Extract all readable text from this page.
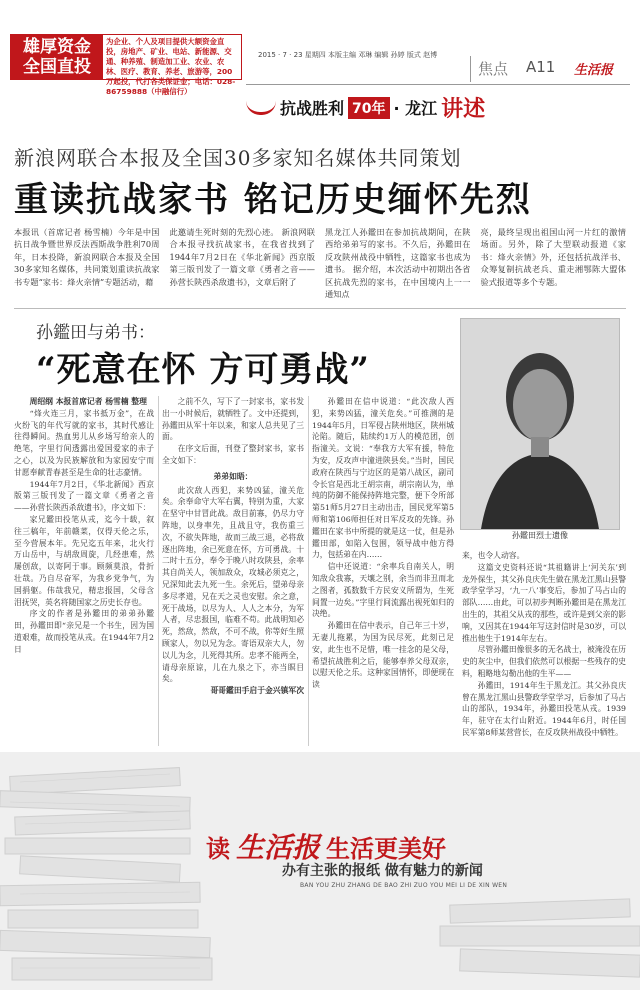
雄厚资金
全国直投
为企业、个人及项目提供大额资金直投，房地产、矿业、电站、新能源、交通、种养殖、制造加工业、农业、农林、医疗、教育、养老、旅游等，200万起投，代打各类保证金；电话：028-86759888（中融信行）
2015 · 7 · 23 星期四 本版主编 邓琳 编辑 孙婷 版式 赵博
焦点 A11 生活报
抗战胜利 70年 · 龙江 讲述
新浪网联合本报及全国30多家知名媒体共同策划
重读抗战家书 铭记历史缅怀先烈
本报讯（首席记者 杨雪楠）今年是中国抗日战争暨世界反法西斯战争胜利70周年，日本投降，新浪网联合本报及全国30多家知名媒体，共同策划重读抗战家书专题“家书：烽火亲情”专题活动，藉
此邀请生死时刻的先烈心迹。 新浪网联合本报寻找抗战家书，在我省找到了1944年7月2日在《华北新闻》西京版第三版刊发了一篇文章《勇者之音——孙营长陕西杀敌遗书》，文章后附了
黑龙江人孙鑑田在参加抗战期间，在陕西给弟弟写的家书。不久后，孙鑑田在反攻陕州战役中牺牲，这篇家书也成为遗书。 据介绍，本次活动中初期出各省区抗战先烈的家书，在中国境内上一一通知点
亮，最终呈现出祖国山河一片红的激情场面。另外，除了大型联动报道《家书：烽火亲情》外，还包括抗战洋书、众筹复制抗战老兵、重走湘鄂陈大盟体验式报道等多个专题。
孙鑑田与弟书：
“死意在怀 方可勇战”

周绍纲 本报首席记者 杨雪楠 整理

“烽火连三月，家书抵万金”，在战火纷飞的年代写就的家书，其时代感让往得瞬间。热血男儿从乡场写给亲人的绝笔，字里行间透露出爱国爱家的赤子之心，以及为民族解放和为家园安宁而甘愿奉献青春甚至是生命的壮志豪情。

1944年7月2日，《华北新闻》西京版第三版刊发了一篇文章《勇者之音——孙营长陕西杀敌遗书》，序文如下：

家兄鑑田投笔从戎，迄今十载，叙往三稿年，年前赣菜，仅得天伦之乐，至今营展本年。先兄迄五年来，北火行万山岳中，与胡敌周旋，几经患难，然屡创敌，以寄阿于事。顾频莫浪，骨折壮哉。乃自尽奋军，为我乡党争气，为国捐躯。伟哉我兄，精忠报国，父母含泪抚哭，英名将随国家之历史长存也。

序文的作者是孙鑑田的弟弟孙鑑田，孙鑑田即“亲兄是一个书生，因为国道艰难，故而投笔从戎。在1944年7月2日

之前不久，写下了一封家书，家书发出一小时候后，就牺牲了。文中还提到，孙鑑田从军十年以来，和家人总共见了三面。

在序文后面，刊登了整封家书，家书全文如下：

弟弟如晤：

此次敌人西犯，来势凶猛，潼关危矣。余奉命守大军右翼，特别为重，大家在坚守中甘冒此战。敌目前寡，仍尽力守阵地，以身率先，且战且守，我伤重三次，不欲失阵地，故而三战三退，必将敌逐出阵地，余已死意在怀，方可勇战。十二时十五分，奉令于晚八时攻陕县，余率其自尚关人，领加敌众，攻城必须克之，兄深知此去九死一生。余死后，望弟母亲多尽孝道，兄在天之灵也安慰。余之意，死于战场，以尽为人、人人之本分，为军人者，尽忠报国，临难不苟。此战明知必死，然敌，然敌，不可不战，你等好生照顾家人，勿以兄为念。寄语双亲大人，勿以儿为念，儿死得其所。忠孝不能两全，请母亲原谅，儿在九泉之下，亦当瞑目矣。

哥哥鑑田手启于金兴镇军次

孙鑑田在信中说道：“此次敌人西犯，来势凶猛，潼关危矣。”可推测的是1944年5月，日军侵占陕州地区，陕州城沦陷。随后，陆续约1万人的模范团，创指潼关。文说：“奉我方大军有援，特危为安，反攻声中潼进陕县矣。”当时，国民政府在陕西与宁边区的是第八战区，副司令长官是西北王胡宗南，胡宗南认为，单纯的防御不能保持阵地完整，便下令所部第51师5月27日主动出击，国民党军第5师和第106师担任对日军反攻的先锋。孙鑑田在家书中所提的就是这一仗，但是孙鑑田部，如陷入包围，领导战中他方得力，包括弟在内……

信中还说道：“余率兵自南关人，明知敌众我寡，天壤之别，余当而非丑而北之图者，孤数数千方民安义所谓为，生死间置一边矣。”字里行间流露出视死如归的决绝。

孙鑑田在信中表示，自己年三十岁，无妻儿拖累，为国为民尽死，此刻已足安，此生也不足惜，唯一挂念的是父母，希望抗战胜利之后，能够奉养父母双亲，以慰天伦之乐。这种家国情怀，即便现在读

孙鑑田烈士遗像

来，也令人动容。

这篇文史资料还说“其祖籍讲上‘河关东’到龙外保生，其父孙良庆先生做在黑龙江黑山县警政学堂学习，‘九一八’事变后，参加了马占山的部队……由此，可以初步判断孙鑑田是在黑龙江出生的，其祖父从戎的那些，或许是到父亲的影响，又因其在1944年写这封信时是30岁，可以推出他生于1914年左右。

尽管孙鑑田像很多的无名战士，被淹没在历史的灰尘中，但我们依然可以根据一些残存的史料，粗略地勾勒出他的生平——

孙鑑田，1914年生于黑龙江。其父孙良庆曾在黑龙江黑山县警政学堂学习，后参加了马占山的部队，1934年，孙鑑田投笔从戎。1939年，驻守在太行山附近。1944年6月，时任国民军第8师某营营长，在反攻陕州战役中牺牲。

读 生活报 生活更美好
办有主张的报纸 做有魅力的新闻
BAN YOU ZHU ZHANG DE BAO ZHI ZUO YOU MEI LI DE XIN WEN
